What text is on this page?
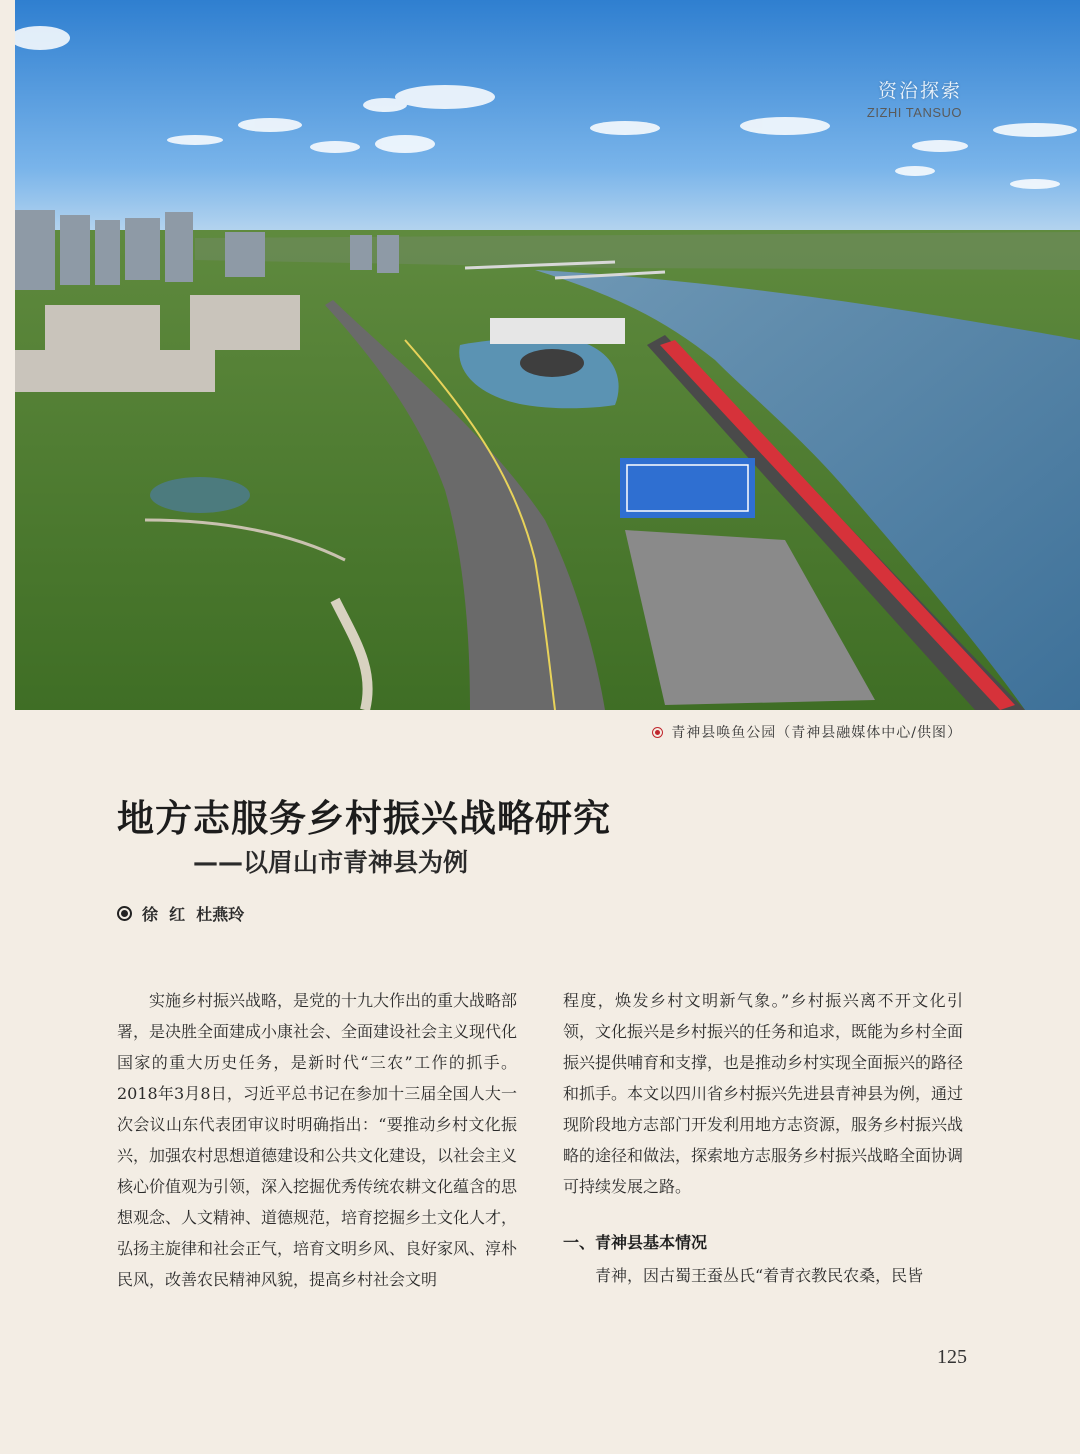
资治探索
ZIZHI TANSUO
青神县唤鱼公园（青神县融媒体中心/供图）
地方志服务乡村振兴战略研究
——以眉山市青神县为例
徐  红  杜燕玲

实施乡村振兴战略，是党的十九大作出的重大战略部署，是决胜全面建成小康社会、全面建设社会主义现代化国家的重大历史任务，是新时代“三农”工作的抓手。2018年3月8日，习近平总书记在参加十三届全国人大一次会议山东代表团审议时明确指出：“要推动乡村文化振兴，加强农村思想道德建设和公共文化建设，以社会主义核心价值观为引领，深入挖掘优秀传统农耕文化蕴含的思想观念、人文精神、道德规范，培育挖掘乡土文化人才，弘扬主旋律和社会正气，培育文明乡风、良好家风、淳朴民风，改善农民精神风貌，提高乡村社会文明

程度，焕发乡村文明新气象。”乡村振兴离不开文化引领，文化振兴是乡村振兴的任务和追求，既能为乡村全面振兴提供哺育和支撑，也是推动乡村实现全面振兴的路径和抓手。本文以四川省乡村振兴先进县青神县为例，通过现阶段地方志部门开发利用地方志资源，服务乡村振兴战略的途径和做法，探索地方志服务乡村振兴战略全面协调可持续发展之路。

一、青神县基本情况

青神，因古蜀王蚕丛氏“着青衣教民农桑，民皆

125
